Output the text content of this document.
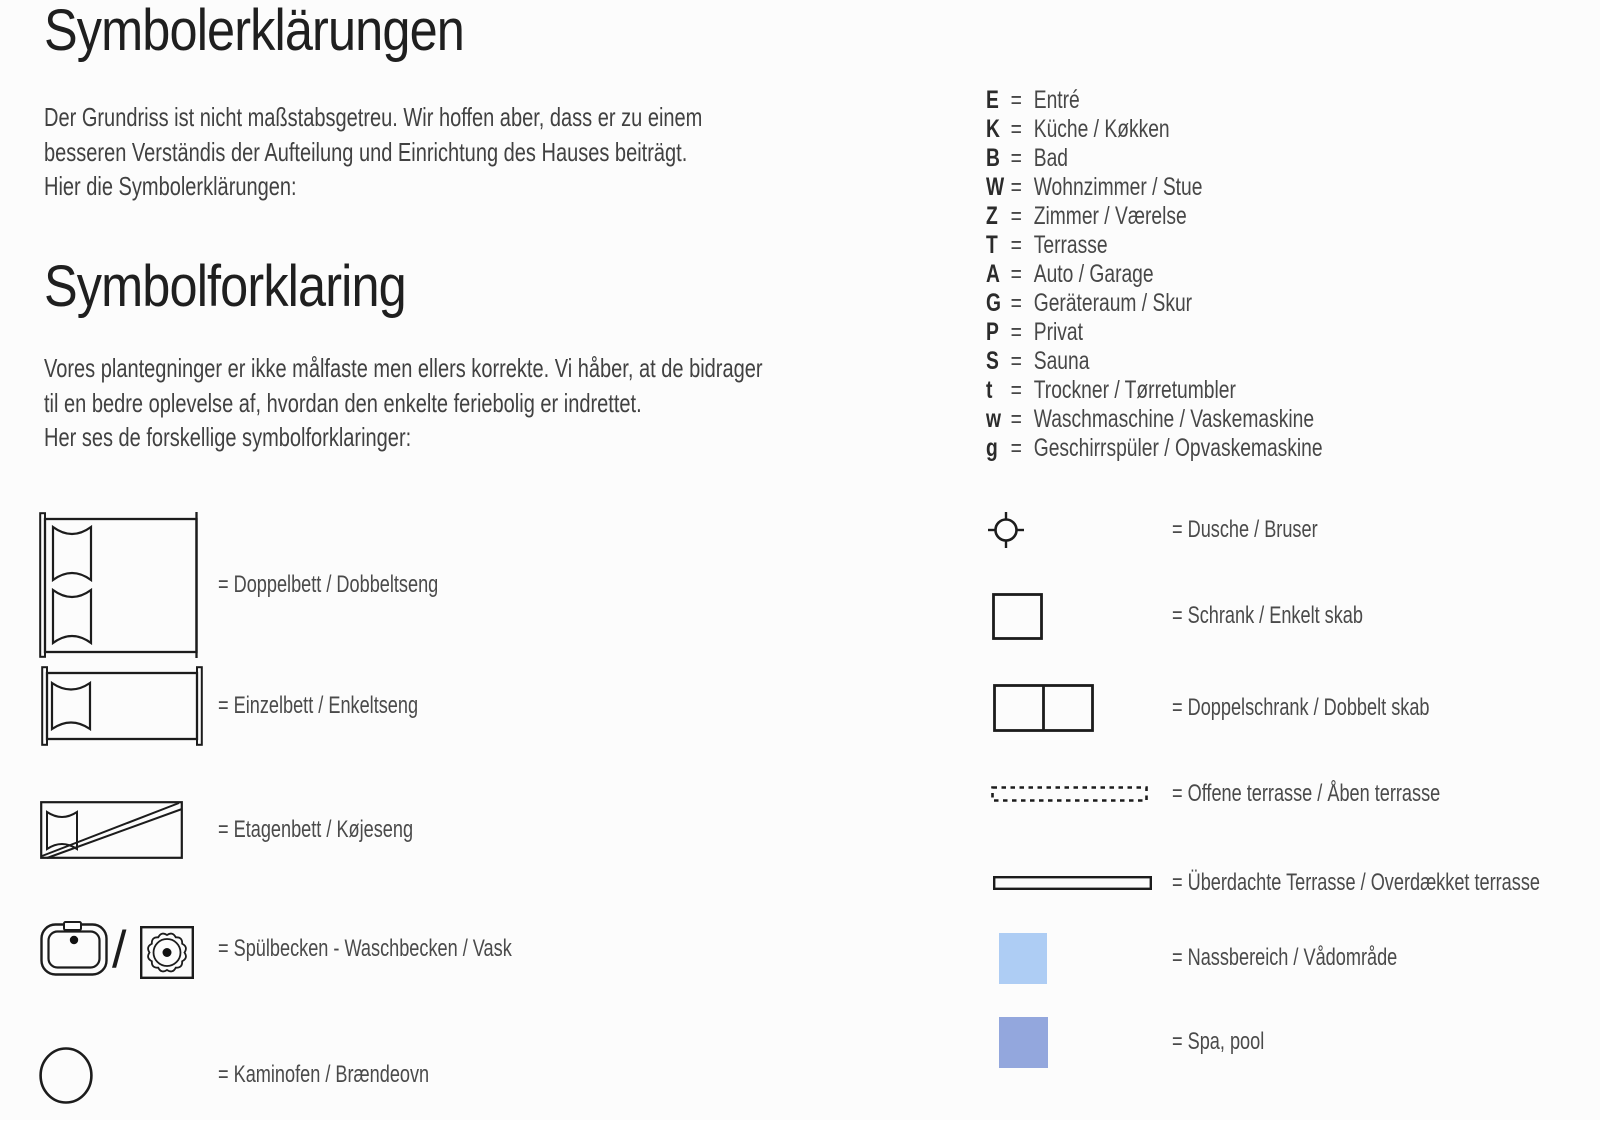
Symbolerklärungen
Der Grundriss ist nicht maßstabsgetreu. Wir hoffen aber, dass er zu einem
besseren Verständis der Aufteilung und Einrichtung des Hauses beiträgt.
Hier die Symbolerklärungen:
Symbolforklaring
Vores plantegninger er ikke målfaste men ellers korrekte. Vi håber, at de bidrager
til en bedre oplevelse af, hvordan den enkelte feriebolig er indrettet.
Her ses de forskellige symbolforklaringer:
E = Entré
K = Küche / Køkken
B = Bad
W = Wohnzimmer / Stue
Z = Zimmer / Værelse
T = Terrasse
A = Auto / Garage
G = Geräteraum / Skur
P = Privat
S = Sauna
t = Trockner / Tørretumbler
w = Waschmaschine / Vaskemaskine
g = Geschirrspüler / Opvaskemaskine
= Doppelbett / Dobbeltseng
= Einzelbett / Enkeltseng
= Etagenbett / Køjeseng
/	= Spülbecken - Waschbecken / Vask
= Kaminofen / Brændeovn
= Dusche / Bruser
= Schrank / Enkelt skab
= Doppelschrank / Dobbelt skab
= Offene terrasse / Åben terrasse
= Überdachte Terrasse / Overdækket terrasse
= Nassbereich / Vådområde
= Spa, pool
